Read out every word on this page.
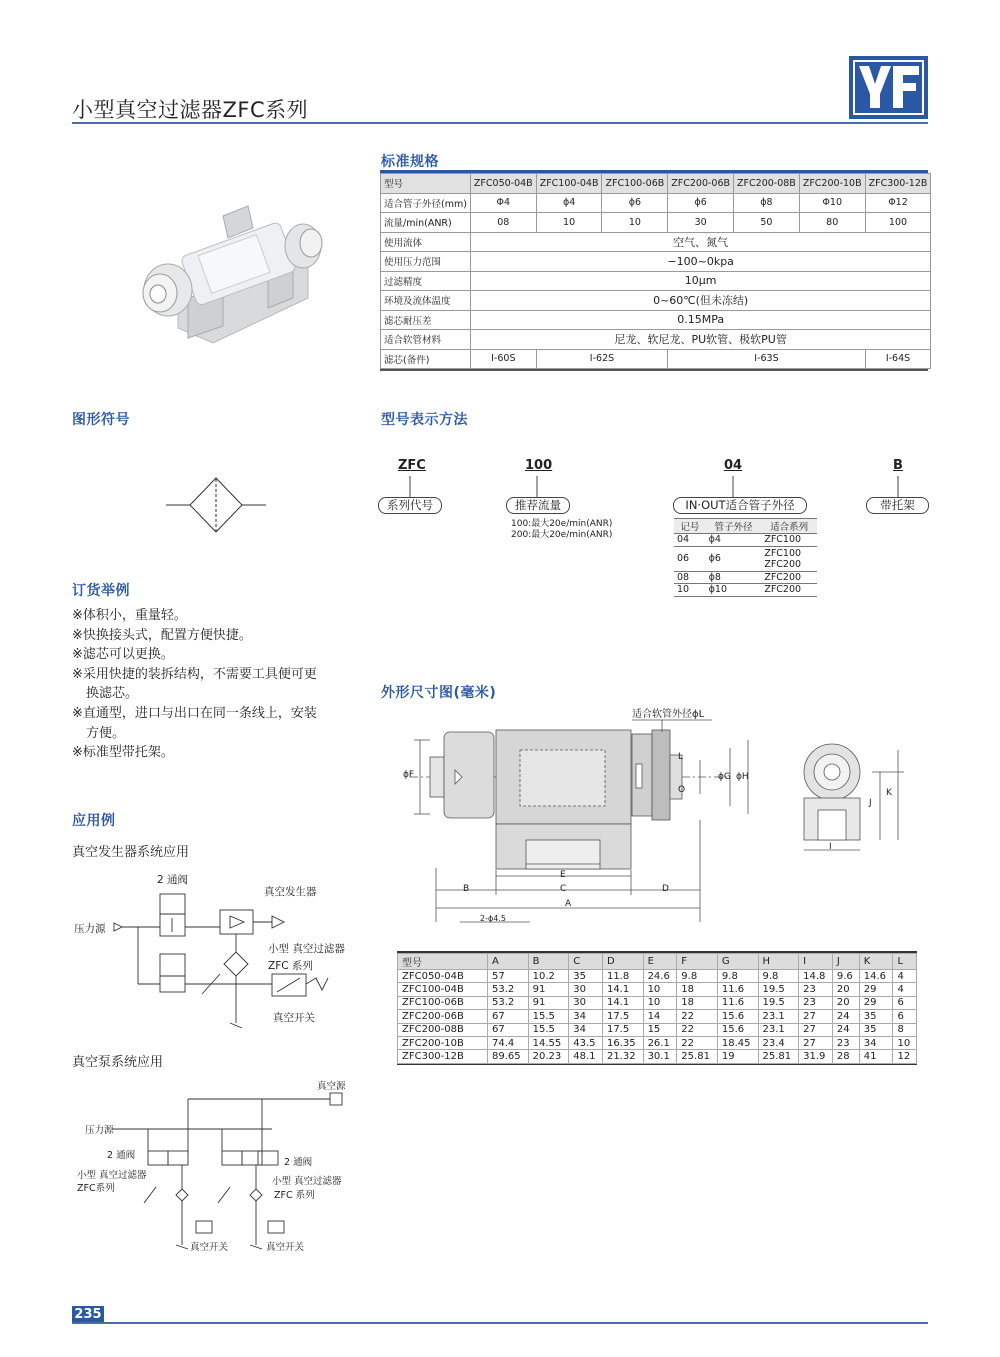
小型真空过滤器ZFC系列
标准规格
型号	ZFC050-04B	ZFC100-04B	ZFC100-06B	ZFC200-06B	ZFC200-08B	ZFC200-10B	ZFC300-12B
适合管子外径(mm)	Φ4	ϕ4	ϕ6	ϕ6	ϕ8	Φ10	Φ12
流量/min(ANR)	08	10	10	30	50	80	100
使用流体	空气、氮气						
使用压力范围	−100~0kpa						
过滤精度	10μm						
环境及流体温度	0~60℃(但未冻结)						
滤芯耐压差	0.15MPa						
适合软管材料	尼龙、软尼龙、PU软管、极软PU管						
滤芯(备件)	I-60S	I-62S		I-63S			I-64S
图形符号	型号表示方法
ZFC	100	04	B
系列代号	推荐流量	IN·OUT适合管子外径	带托架
100:最大20e/min(ANR)
200:最大20e/min(ANR)
记号	管子外径	适合系列
04	ϕ4	ZFC100
06	ϕ6	ZFC100
ZFC200

08	ϕ8	ZFC200
10	ϕ10	ZFC200
订货举例
※体积小，重量轻。
※快换接头式，配置方便快捷。
※滤芯可以更换。
※采用快捷的装拆结构，不需要工具便可更
换滤芯。
※直通型，进口与出口在同一条线上，安装
方便。
※标准型带托架。
外形尺寸图(毫米)
适合软管外径ϕL
ϕF
O
L
ϕG ϕH
J
K
I
B	C	D
E
A
2-ϕ4.5
型号	A	B	C	D	E	F	G	H	I	J	K	L
ZFC050-04B	57	10.2	35	11.8	24.6	9.8	9.8	9.8	14.8	9.6	14.6	4
ZFC100-04B	53.2	91	30	14.1	10	18	11.6	19.5	23	20	29	4
ZFC100-06B	53.2	91	30	14.1	10	18	11.6	19.5	23	20	29	6
ZFC200-06B	67	15.5	34	17.5	14	22	15.6	23.1	27	24	35	6
ZFC200-08B	67	15.5	34	17.5	15	22	15.6	23.1	27	24	35	8
ZFC200-10B	74.4	14.55	43.5	16.35	26.1	22	18.45	23.4	27	23	34	10
ZFC300-12B	89.65	20.23	48.1	21.32	30.1	25.81	19	25.81	31.9	28	41	12
应用例
真空发生器系统应用
2 通阀
真空发生器
压力源
小型 真空过滤器
ZFC 系列
真空开关
真空泵系统应用
真空源
压力源
2 通阀
2 通阀
小型 真空过滤器
ZFC系列
小型 真空过滤器
ZFC 系列
真空开关	真空开关
235
